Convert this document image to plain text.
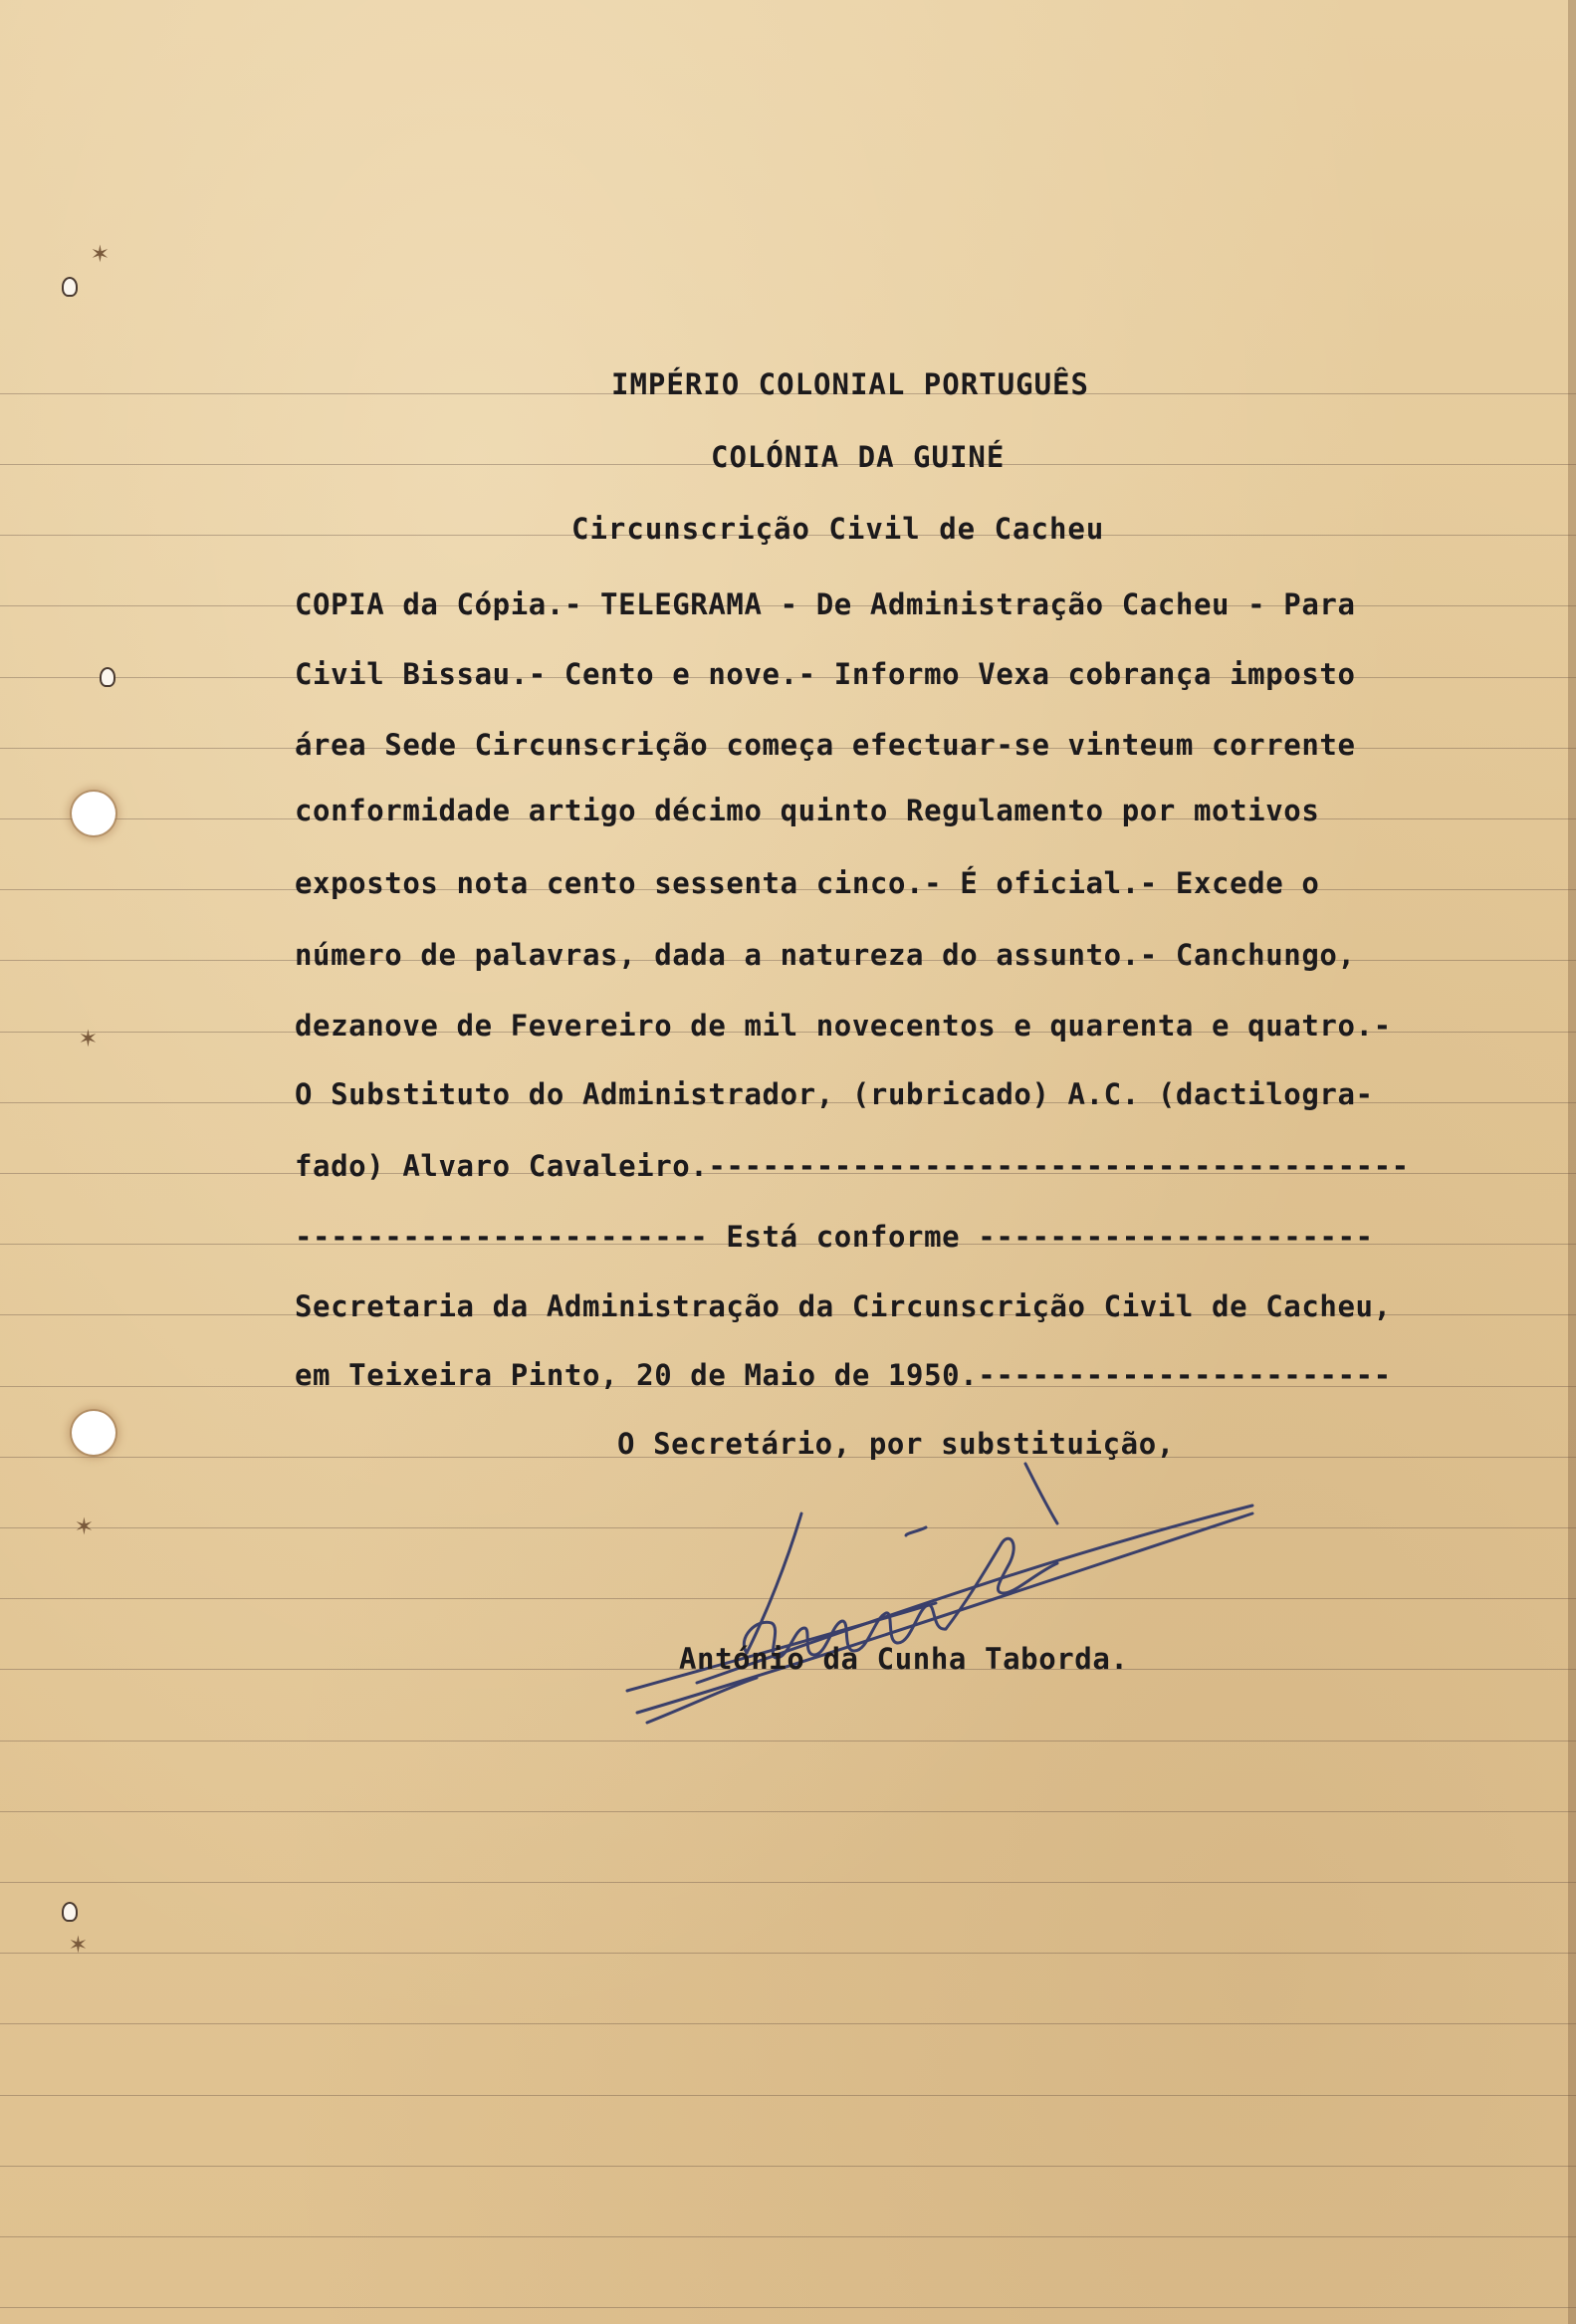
✶
✶
✶
✶
IMPÉRIO COLONIAL PORTUGUÊS
COLÓNIA DA GUINÉ
Circunscrição Civil de Cacheu
COPIA da Cópia.- TELEGRAMA - De Administração Cacheu - Para
Civil Bissau.- Cento e nove.- Informo Vexa cobrança imposto
área Sede Circunscrição começa efectuar-se vinteum corrente
conformidade artigo décimo quinto Regulamento por motivos
expostos nota cento sessenta cinco.- É oficial.- Excede o
número de palavras, dada a natureza do assunto.- Canchungo,
dezanove de Fevereiro de mil novecentos e quarenta e quatro.-
O Substituto do Administrador, (rubricado) A.C. (dactilogra-
fado) Alvaro Cavaleiro.---------------------------------------
----------------------- Está conforme ----------------------
Secretaria da Administração da Circunscrição Civil de Cacheu,
em Teixeira Pinto, 20 de Maio de 1950.-----------------------
O Secretário, por substituição,
António da Cunha Taborda.
